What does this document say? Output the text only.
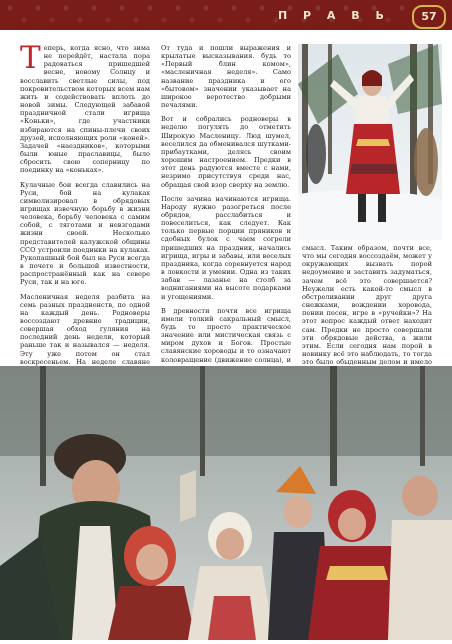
П Р А В Ь	57

Теперь, когда ясно, что зима не перейдёт, настала пора радоваться пришедшей весне, новому Солнцу и восславить светлые силы, под покровительством которых всем нам жить и содействовать вплоть до новой зимы. Следующей забавой праздничной стали игрища «Коньки», где участники избираются на спины-плечи своих друзей, исполняющих роли «коней». Задачей «наездников», которыми были юные праславицы, было сбросить свою соперницу по поединку на «коньках».

Кулачные бои всегда славились на Руси, бой на кулаках символизировал в обрядовых игрищах извечную борьбу в жизни человека, борьбу человека с самим собой, с тяготами и невзгодами жизни своей. Несколько представителей калужской общины ССО устроили поединки на кулаках. Рукопашный бой был на Руси всегда в почете и большой известности, распространённый как на севере Руси, так и на юге.

Масленичная неделя разбита на семь разных праздненств, по одной на каждый день. Родноверы воссоздают древние традиции, совершая обход гуляния на последний день недели, который раньше так и назывался — неделя. Эту уже потом он стал воскресеньем. На неделе славяне

От туда и пошли выражения и крылатые высказывания. будь то «Первый блин комом», «масленичная неделя». Само название праздника и его «бытовом» значении указывает на широкое веротество добрыми печалями.

Вот и собрались родноверы в неделю погулять до отметить Широкую Масленицу. Люд шумел, веселился да обменивался шутками-прибаутками, делясь своим хорошим настроением. Предки в этот день радуются вместе с нами, незримо присутствуя среди нас, обращая свой взор сверху на землю.

После зачина начинаются игрища. Народу нужно разогреться после обрядов, расслабиться и повеселиться, как следует. Как только первые порции пряников и сдобных булок с чаем согрели пришедших на праздник, начались игрища, игры и забавы, или веселых праздника, когда соревнуется народ в ловкости и умении. Одна из таких забав — лазанье на столб за водниганиями на высоте подарками и угощениями.

В древности почти все игрища имели толкий сакральный смысл, будь то просто практическое значение или мистическая связь с миром духов и Богов. Простые славянские хороводы и то означают коловращение (движение солнца), и

смысл. Таким образом, почти все, что мы сегодня воссоздаём, может у окружающих вызвать порой недоумение и заставить задуматься, зачем всё это совершается? Неужели есть какой-то смысл в обстреливании друг друга снежками, вождении хоровода, пении песен, игре в «ручейки»? На этот вопрос каждый ответ находит сам. Предки не просто совершали эти обрядовые действа, а жили этим. Если сегодня нам порой в новинку всё это наблюдать, то тогда это было обыденным делом и имело
